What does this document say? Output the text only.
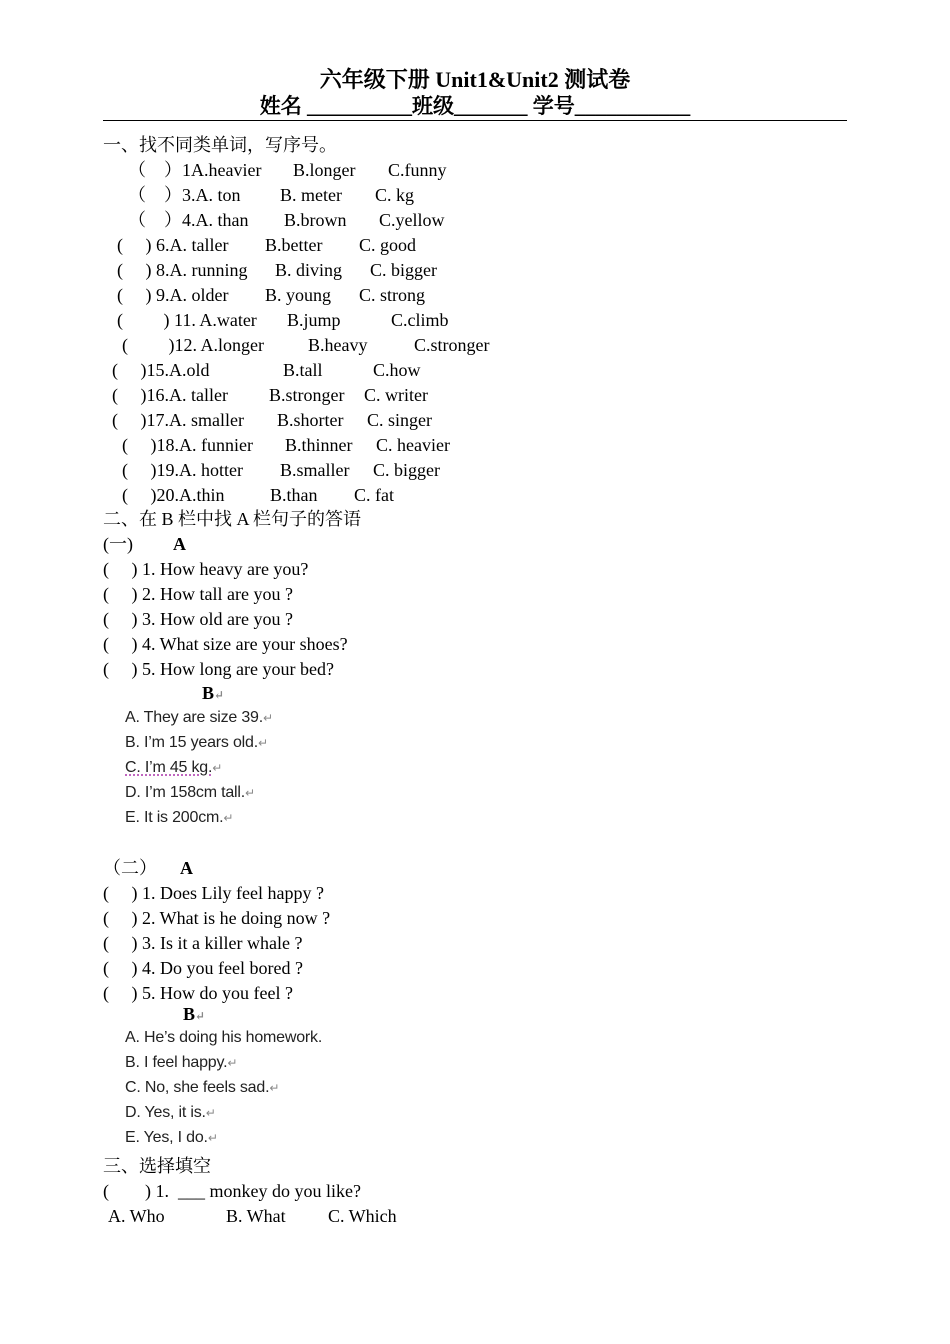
六年级下册 Unit1&Unit2 测试卷
姓名 __________班级_______ 学号___________
一、找不同类单词，写序号。
（　）1A.heavier B.longer C.funny
（　）3.A. ton B. meter C. kg
（　）4.A. than B.brown C.yellow
(　 ) 6.A. taller B.better C. good
(　 ) 8.A. running B. diving C. bigger
(　 ) 9.A. older B. young C. strong
(　 　) 11. A.water B.jump	C.climb
(　 　)12. A.longer B.heavy	C.stronger
(　 )15.A.old	B.tall	C.how
(　 )16.A. taller B.stronger C. writer
(　 )17.A. smaller B.shorter C. singer
(　 )18.A. funnier B.thinner C. heavier
(　 )19.A. hotter B.smaller C. bigger
(　 )20.A.thin	B.than C. fat
二、在 B 栏中找 A 栏句子的答语
(一) A
(　 ) 1. How heavy are you?
(　 ) 2. How tall are you ?
(　 ) 3. How old are you ?
(　 ) 4. What size are your shoes?
(　 ) 5. How long are your bed?
B↵
A. They are size 39.↵
B. I’m 15 years old.↵
C. I’m 45 kg.↵
D. I’m 158cm tall.↵
E. It is 200cm.↵
（二） A
(　 ) 1. Does Lily feel happy ?
(　 ) 2. What is he doing now ?
(　 ) 3. Is it a killer whale ?
(　 ) 4. Do you feel bored ?
(　 ) 5. How do you feel ?
B↵
A. He’s doing his homework.
B. I feel happy.↵
C. No, she feels sad.↵
D. Yes, it is.↵
E. Yes, I do.↵
三、选择填空
(　　) 1.  ___ monkey do you like?
A. Who	B. What C. Which
